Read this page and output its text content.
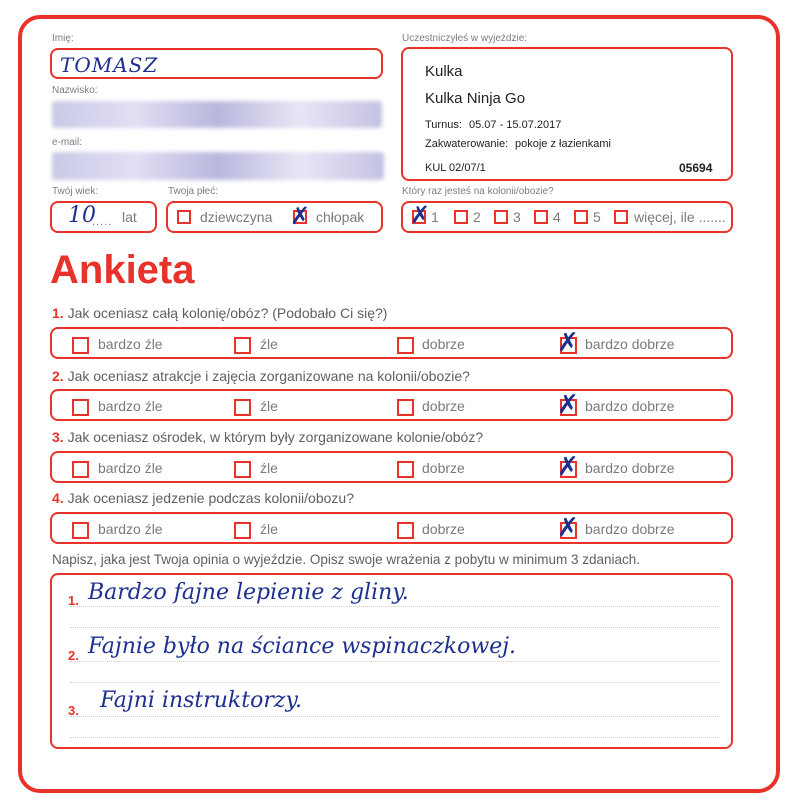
Imię:
TOMASZ
Nazwisko:
e-mail:
Twój wiek:
10
..... lat
Twoja płeć:
dziewczyna ✗ chłopak
Uczestniczyłeś w wyjeździe:
Kulka
Kulka Ninja Go
Turnus: 05.07 - 15.07.2017
Zakwaterowanie: pokoje z łazienkami
KUL 02/07/1	05694
Który raz jesteś na kolonii/obozie?
✗ 1 2 3 4 5 więcej, ile .......
Ankieta
1. Jak oceniasz całą kolonię/obóz? (Podobało Ci się?)
bardzo źle	źle	dobrze	✗ bardzo dobrze
2. Jak oceniasz atrakcje i zajęcia zorganizowane na kolonii/obozie?
bardzo źle	źle	dobrze	✗ bardzo dobrze
3. Jak oceniasz ośrodek, w którym były zorganizowane kolonie/obóz?
bardzo źle	źle	dobrze	✗ bardzo dobrze
4. Jak oceniasz jedzenie podczas kolonii/obozu?
bardzo źle	źle	dobrze	✗ bardzo dobrze
Napisz, jaka jest Twoja opinia o wyjeździe. Opisz swoje wrażenia z pobytu w minimum 3 zdaniach.
1.
2.
3.
Bardzo fajne lepienie z gliny.
Fajnie było na ściance wspinaczkowej.
Fajni instruktorzy.
